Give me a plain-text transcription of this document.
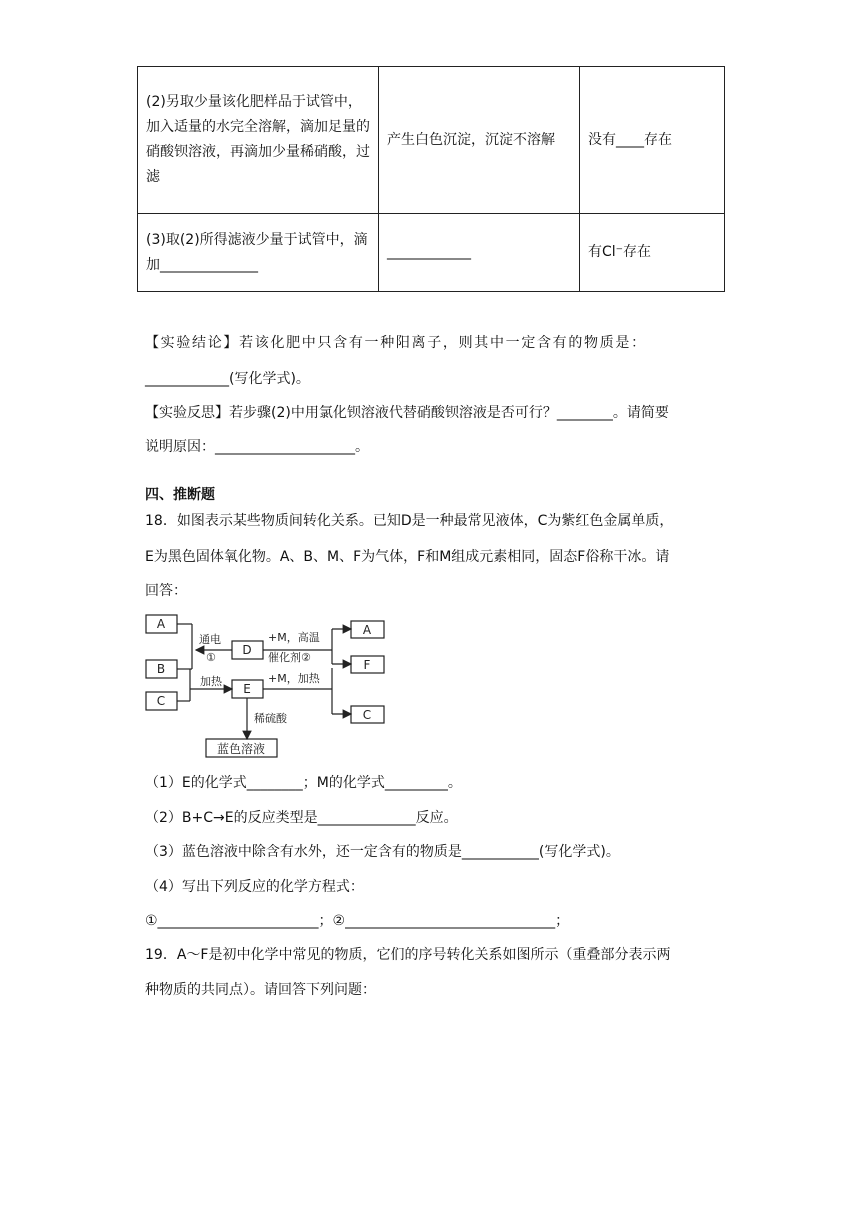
(2)另取少量该化肥样品于试管中，加入适量的水完全溶解，滴加足量的硝酸钡溶液，再滴加少量稀硝酸，过滤	产生白色沉淀，沉淀不溶解	没有____存在
(3)取(2)所得滤液少量于试管中，滴加______________	____________	有Cl⁻存在
【实验结论】若该化肥中只含有一种阳离子，则其中一定含有的物质是：
____________(写化学式)。
【实验反思】若步骤(2)中用氯化钡溶液代替硝酸钡溶液是否可行？________。请简要
说明原因：____________________。
四、推断题
18．如图表示某些物质间转化关系。已知D是一种最常见液体，C为紫红色金属单质，
E为黑色固体氧化物。A、B、M、F为气体，F和M组成元素相同，固态F俗称干冰。请
回答：
A
B
C
D
E
A
F
C
蓝色溶液
通电
①
+M，高温
催化剂②
加热	+M，加热
稀硫酸
（1）E的化学式________；M的化学式_________。
（2）B+C→E的反应类型是______________反应。
（3）蓝色溶液中除含有水外，还一定含有的物质是___________(写化学式)。
（4）写出下列反应的化学方程式：
①_______________________；②______________________________；
19．A～F是初中化学中常见的物质，它们的序号转化关系如图所示（重叠部分表示两
种物质的共同点）。请回答下列问题：
